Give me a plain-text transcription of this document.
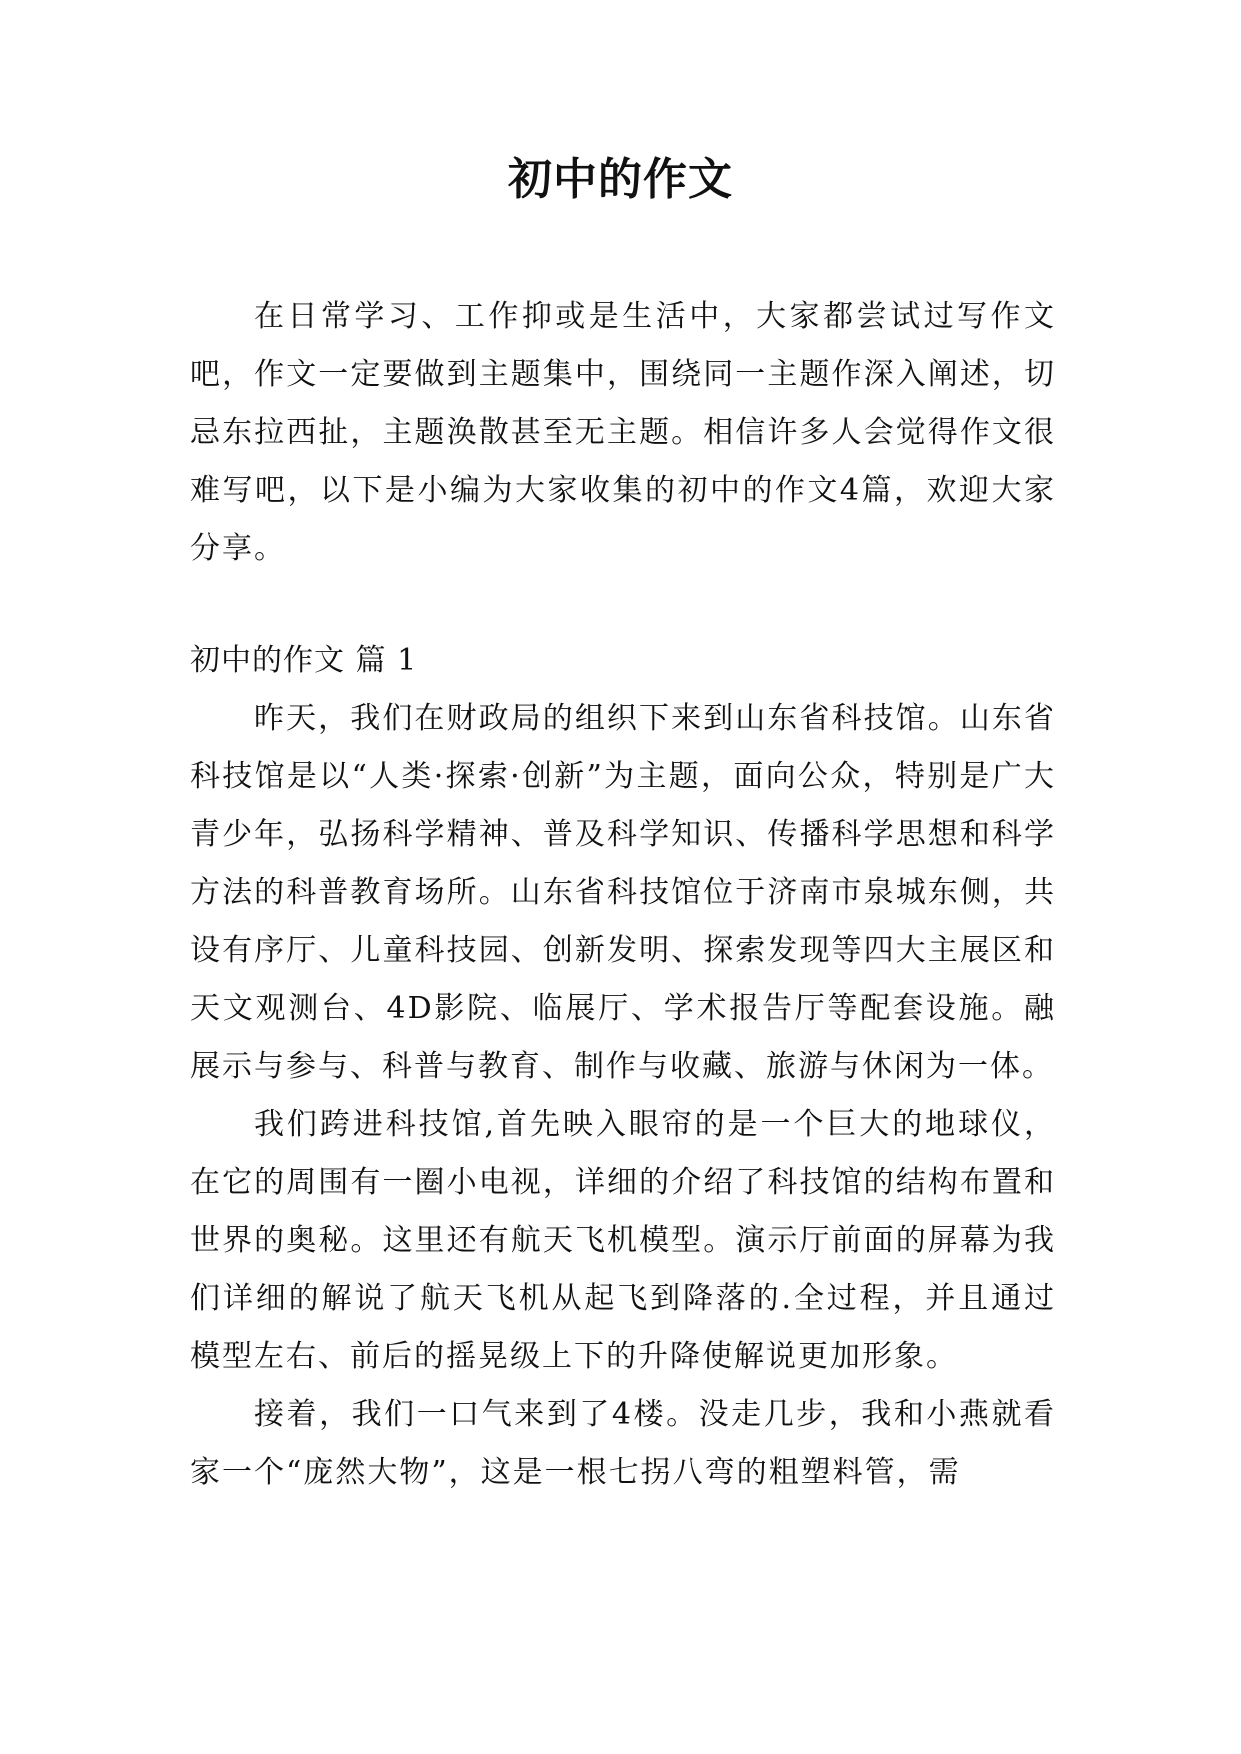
初中的作文

在日常学习、工作抑或是生活中，大家都尝试过写作文吧，作文一定要做到主题集中，围绕同一主题作深入阐述，切忌东拉西扯，主题涣散甚至无主题。相信许多人会觉得作文很难写吧，以下是小编为大家收集的初中的作文4篇，欢迎大家分享。

初中的作文 篇 1

昨天，我们在财政局的组织下来到山东省科技馆。山东省科技馆是以“人类·探索·创新”为主题，面向公众，特别是广大青少年，弘扬科学精神、普及科学知识、传播科学思想和科学方法的科普教育场所。山东省科技馆位于济南市泉城东侧，共设有序厅、儿童科技园、创新发明、探索发现等四大主展区和天文观测台、4D影院、临展厅、学术报告厅等配套设施。融展示与参与、科普与教育、制作与收藏、旅游与休闲为一体。

我们跨进科技馆,首先映入眼帘的是一个巨大的地球仪，在它的周围有一圈小电视，详细的介绍了科技馆的结构布置和世界的奥秘。这里还有航天飞机模型。演示厅前面的屏幕为我们详细的解说了航天飞机从起飞到降落的.全过程，并且通过模型左右、前后的摇晃级上下的升降使解说更加形象。

接着，我们一口气来到了4楼。没走几步，我和小燕就看家一个“庞然大物”，这是一根七拐八弯的粗塑料管，需
